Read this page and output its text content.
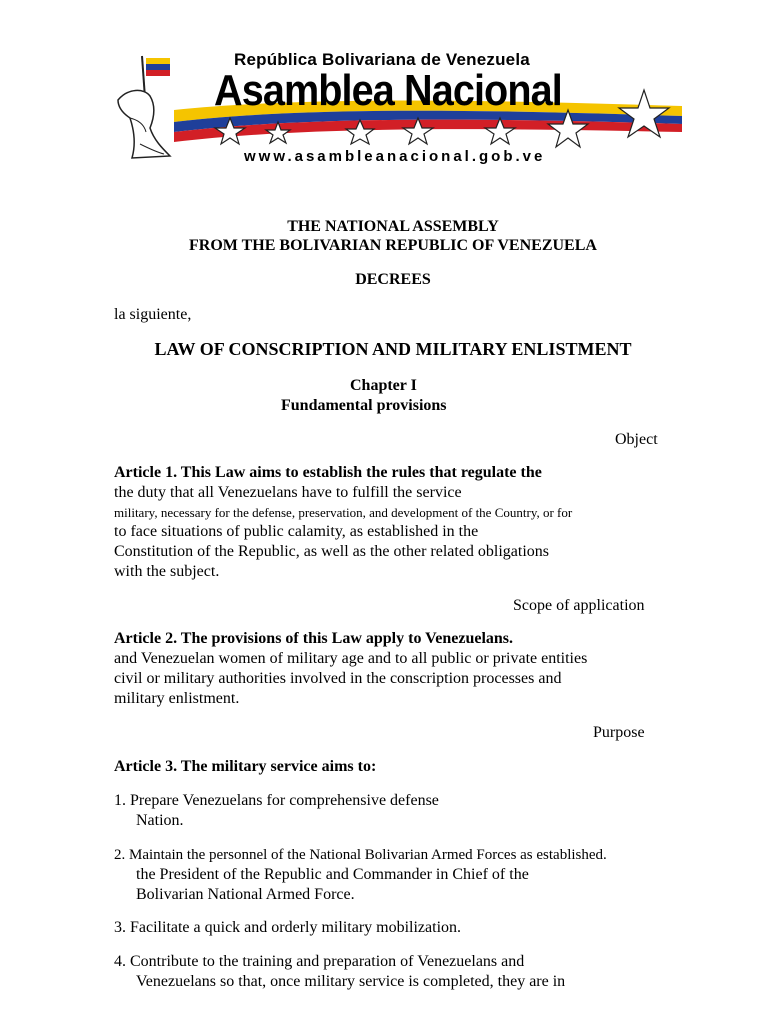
República Bolivariana de Venezuela
Asamblea Nacional
www.asambleanacional.gob.ve
THE NATIONAL ASSEMBLY
FROM THE BOLIVARIAN REPUBLIC OF VENEZUELA
DECREES
la siguiente,
LAW OF CONSCRIPTION AND MILITARY ENLISTMENT
Chapter I
Fundamental provisions
Object
Article 1. This Law aims to establish the rules that regulate the
the duty that all Venezuelans have to fulfill the service
military, necessary for the defense, preservation, and development of the Country, or for
to face situations of public calamity, as established in the
Constitution of the Republic, as well as the other related obligations
with the subject.
Scope of application
Article 2. The provisions of this Law apply to Venezuelans.
and Venezuelan women of military age and to all public or private entities
civil or military authorities involved in the conscription processes and
military enlistment.
Purpose
Article 3. The military service aims to:
1. Prepare Venezuelans for comprehensive defense
Nation.
2. Maintain the personnel of the National Bolivarian Armed Forces as established.
the President of the Republic and Commander in Chief of the
Bolivarian National Armed Force.
3. Facilitate a quick and orderly military mobilization.
4. Contribute to the training and preparation of Venezuelans and
Venezuelans so that, once military service is completed, they are in
